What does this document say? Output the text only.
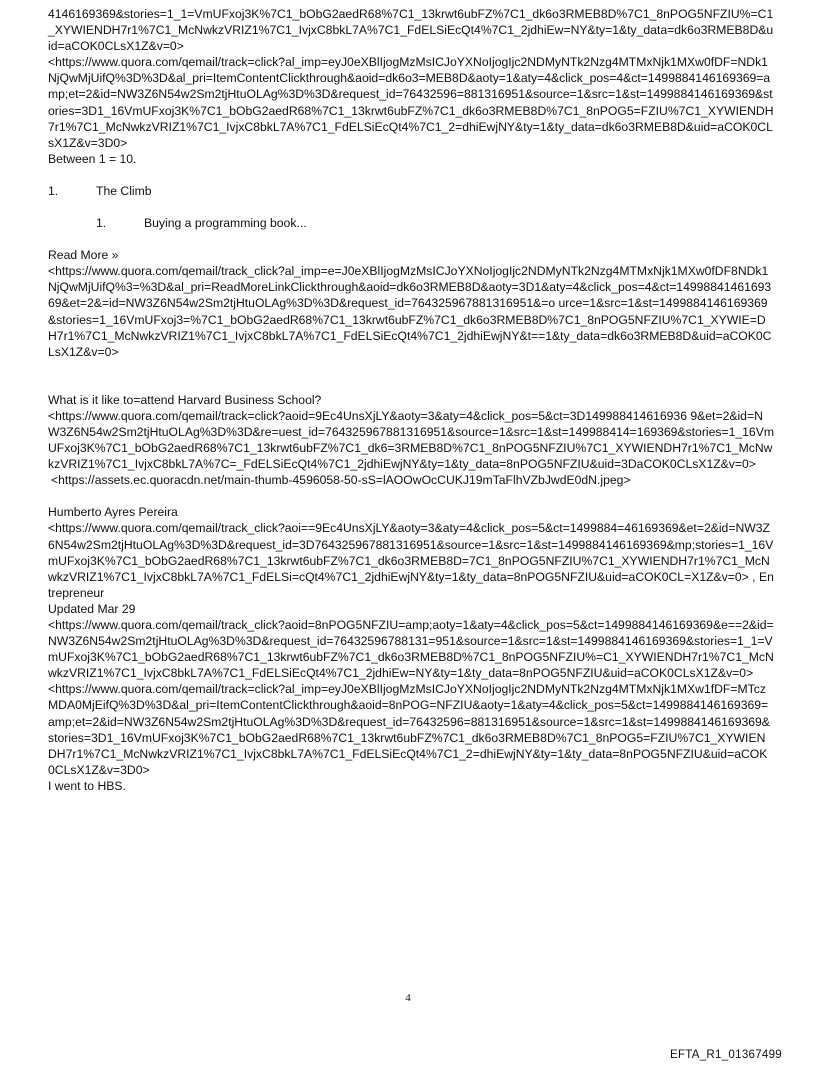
4146169369&stories=1_1=VmUFxoj3K%7C1_bObG2aedR68%7C1_13krwt6ubFZ%7C1_dk6o3RMEB8D%7C1_8nPOG5NFZIU%=C1_XYWIENDH7r1%7C1_McNwkzVRIZ1%7C1_IvjxC8bkL7A%7C1_FdELSiEcQt4%7C1_2jdhiEw=NY&ty=1&ty_data=dk6o3RMEB8D&uid=aCOK0CLsX1Z&v=0>
<https://www.quora.com/qemail/track=click?al_imp=eyJ0eXBlIjogMzMsICJoYXNoIjogIjc2NDMyNTk2Nzg4MTMxNjk1MXw0fDF=NDk1NjQwMjUifQ%3D%3D&al_pri=ItemContentClickthrough&aoid=dk6o3=MEB8D&aoty=1&aty=4&click_pos=4&ct=1499884146169369=amp;et=2&id=NW3Z6N54w2Sm2tjHtuOLAg%3D%3D&request_id=76432596=881316951&source=1&src=1&st=1499884146169369&stories=3D1_16VmUFxoj3K%7C1_bObG2aedR68%7C1_13krwt6ubFZ%7C1_dk6o3RMEB8D%7C1_8nPOG5=FZIU%7C1_XYWIENDH7r1%7C1_McNwkzVRIZ1%7C1_IvjxC8bkL7A%7C1_FdELSiEcQt4%7C1_2=dhiEwjNY&ty=1&ty_data=dk6o3RMEB8D&uid=aCOK0CLsX1Z&v=3D0>
Between 1 = 10.
1.	The Climb
1.	Buying a programming book...
Read More »
<https://www.quora.com/qemail/track_click?al_imp=e=J0eXBlIjogMzMsICJoYXNoIjogIjc2NDMyNTk2Nzg4MTMxNjk1MXw0fDF8NDk1NjQwMjUifQ%3=%3D&al_pri=ReadMoreLinkClickthrough&aoid=dk6o3RMEB8D&aoty=3D1&aty=4&click_pos=4&ct=1499884146169369&et=2&=id=NW3Z6N54w2Sm2tjHtuOLAg%3D%3D&request_id=764325967881316951&=o urce=1&src=1&st=1499884146169369&stories=1_16VmUFxoj3=%7C1_bObG2aedR68%7C1_13krwt6ubFZ%7C1_dk6o3RMEB8D%7C1_8nPOG5NFZIU%7C1_XYWIE=DH7r1%7C1_McNwkzVRIZ1%7C1_IvjxC8bkL7A%7C1_FdELSiEcQt4%7C1_2jdhiEwjNY&t==1&ty_data=dk6o3RMEB8D&uid=aCOK0CLsX1Z&v=0>
What is it like to=attend Harvard Business School?
<https://www.quora.com/qemail/track=click?aoid=9Ec4UnsXjLY&aoty=3&aty=4&click_pos=5&ct=3D149988414616936 9&et=2&id=NW3Z6N54w2Sm2tjHtuOLAg%3D%3D&re=uest_id=764325967881316951&source=1&src=1&st=149988414=169369&stories=1_16VmUFxoj3K%7C1_bObG2aedR68%7C1_13krwt6ubFZ%7C1_dk6=3RMEB8D%7C1_8nPOG5NFZIU%7C1_XYWIENDH7r1%7C1_McNwkzVRIZ1%7C1_IvjxC8bkL7A%7C=_FdELSiEcQt4%7C1_2jdhiEwjNY&ty=1&ty_data=8nPOG5NFZIU&uid=3DaCOK0CLsX1Z&v=0>
<https://assets.ec.quoracdn.net/main-thumb-4596058-50-sS=lAOOwOcCUKJ19mTaFlhVZbJwdE0dN.jpeg>
Humberto Ayres Pereira
<https://www.quora.com/qemail/track_click?aoi==9Ec4UnsXjLY&aoty=3&aty=4&click_pos=5&ct=1499884=46169369&et=2&id=NW3Z6N54w2Sm2tjHtuOLAg%3D%3D&request_id=3D764325967881316951&source=1&src=1&st=1499884146169369&mp;stories=1_16VmUFxoj3K%7C1_bObG2aedR68%7C1_13krwt6ubFZ%7C1_dk6o3RMEB8D=7C1_8nPOG5NFZIU%7C1_XYWIENDH7r1%7C1_McNwkzVRIZ1%7C1_IvjxC8bkL7A%7C1_FdELSi=cQt4%7C1_2jdhiEwjNY&ty=1&ty_data=8nPOG5NFZIU&uid=aCOK0CL=X1Z&v=0> , Entrepreneur
Updated Mar 29
<https://www.quora.com/qemail/track_click?aoid=8nPOG5NFZIU=amp;aoty=1&aty=4&click_pos=5&ct=1499884146169369&e==2&id=NW3Z6N54w2Sm2tjHtuOLAg%3D%3D&request_id=76432596788131=951&source=1&src=1&st=1499884146169369&stories=1_1=VmUFxoj3K%7C1_bObG2aedR68%7C1_13krwt6ubFZ%7C1_dk6o3RMEB8D%7C1_8nPOG5NFZIU%=C1_XYWIENDH7r1%7C1_McNwkzVRIZ1%7C1_IvjxC8bkL7A%7C1_FdELSiEcQt4%7C1_2jdhiEw=NY&ty=1&ty_data=8nPOG5NFZIU&uid=aCOK0CLsX1Z&v=0>
<https://www.quora.com/qemail/track=click?al_imp=eyJ0eXBlIjogMzMsICJoYXNoIjogIjc2NDMyNTk2Nzg4MTMxNjk1MXw1fDF=MTczMDA0MjEifQ%3D%3D&al_pri=ItemContentClickthrough&aoid=8nPOG=NFZIU&aoty=1&aty=4&click_pos=5&ct=1499884146169369=amp;et=2&id=NW3Z6N54w2Sm2tjHtuOLAg%3D%3D&request_id=76432596=881316951&source=1&src=1&st=1499884146169369&stories=3D1_16VmUFxoj3K%7C1_bObG2aedR68%7C1_13krwt6ubFZ%7C1_dk6o3RMEB8D%7C1_8nPOG5=FZIU%7C1_XYWIENDH7r1%7C1_McNwkzVRIZ1%7C1_IvjxC8bkL7A%7C1_FdELSiEcQt4%7C1_2=dhiEwjNY&ty=1&ty_data=8nPOG5NFZIU&uid=aCOK0CLsX1Z&v=3D0>
I went to HBS.
4
EFTA_R1_01367499
